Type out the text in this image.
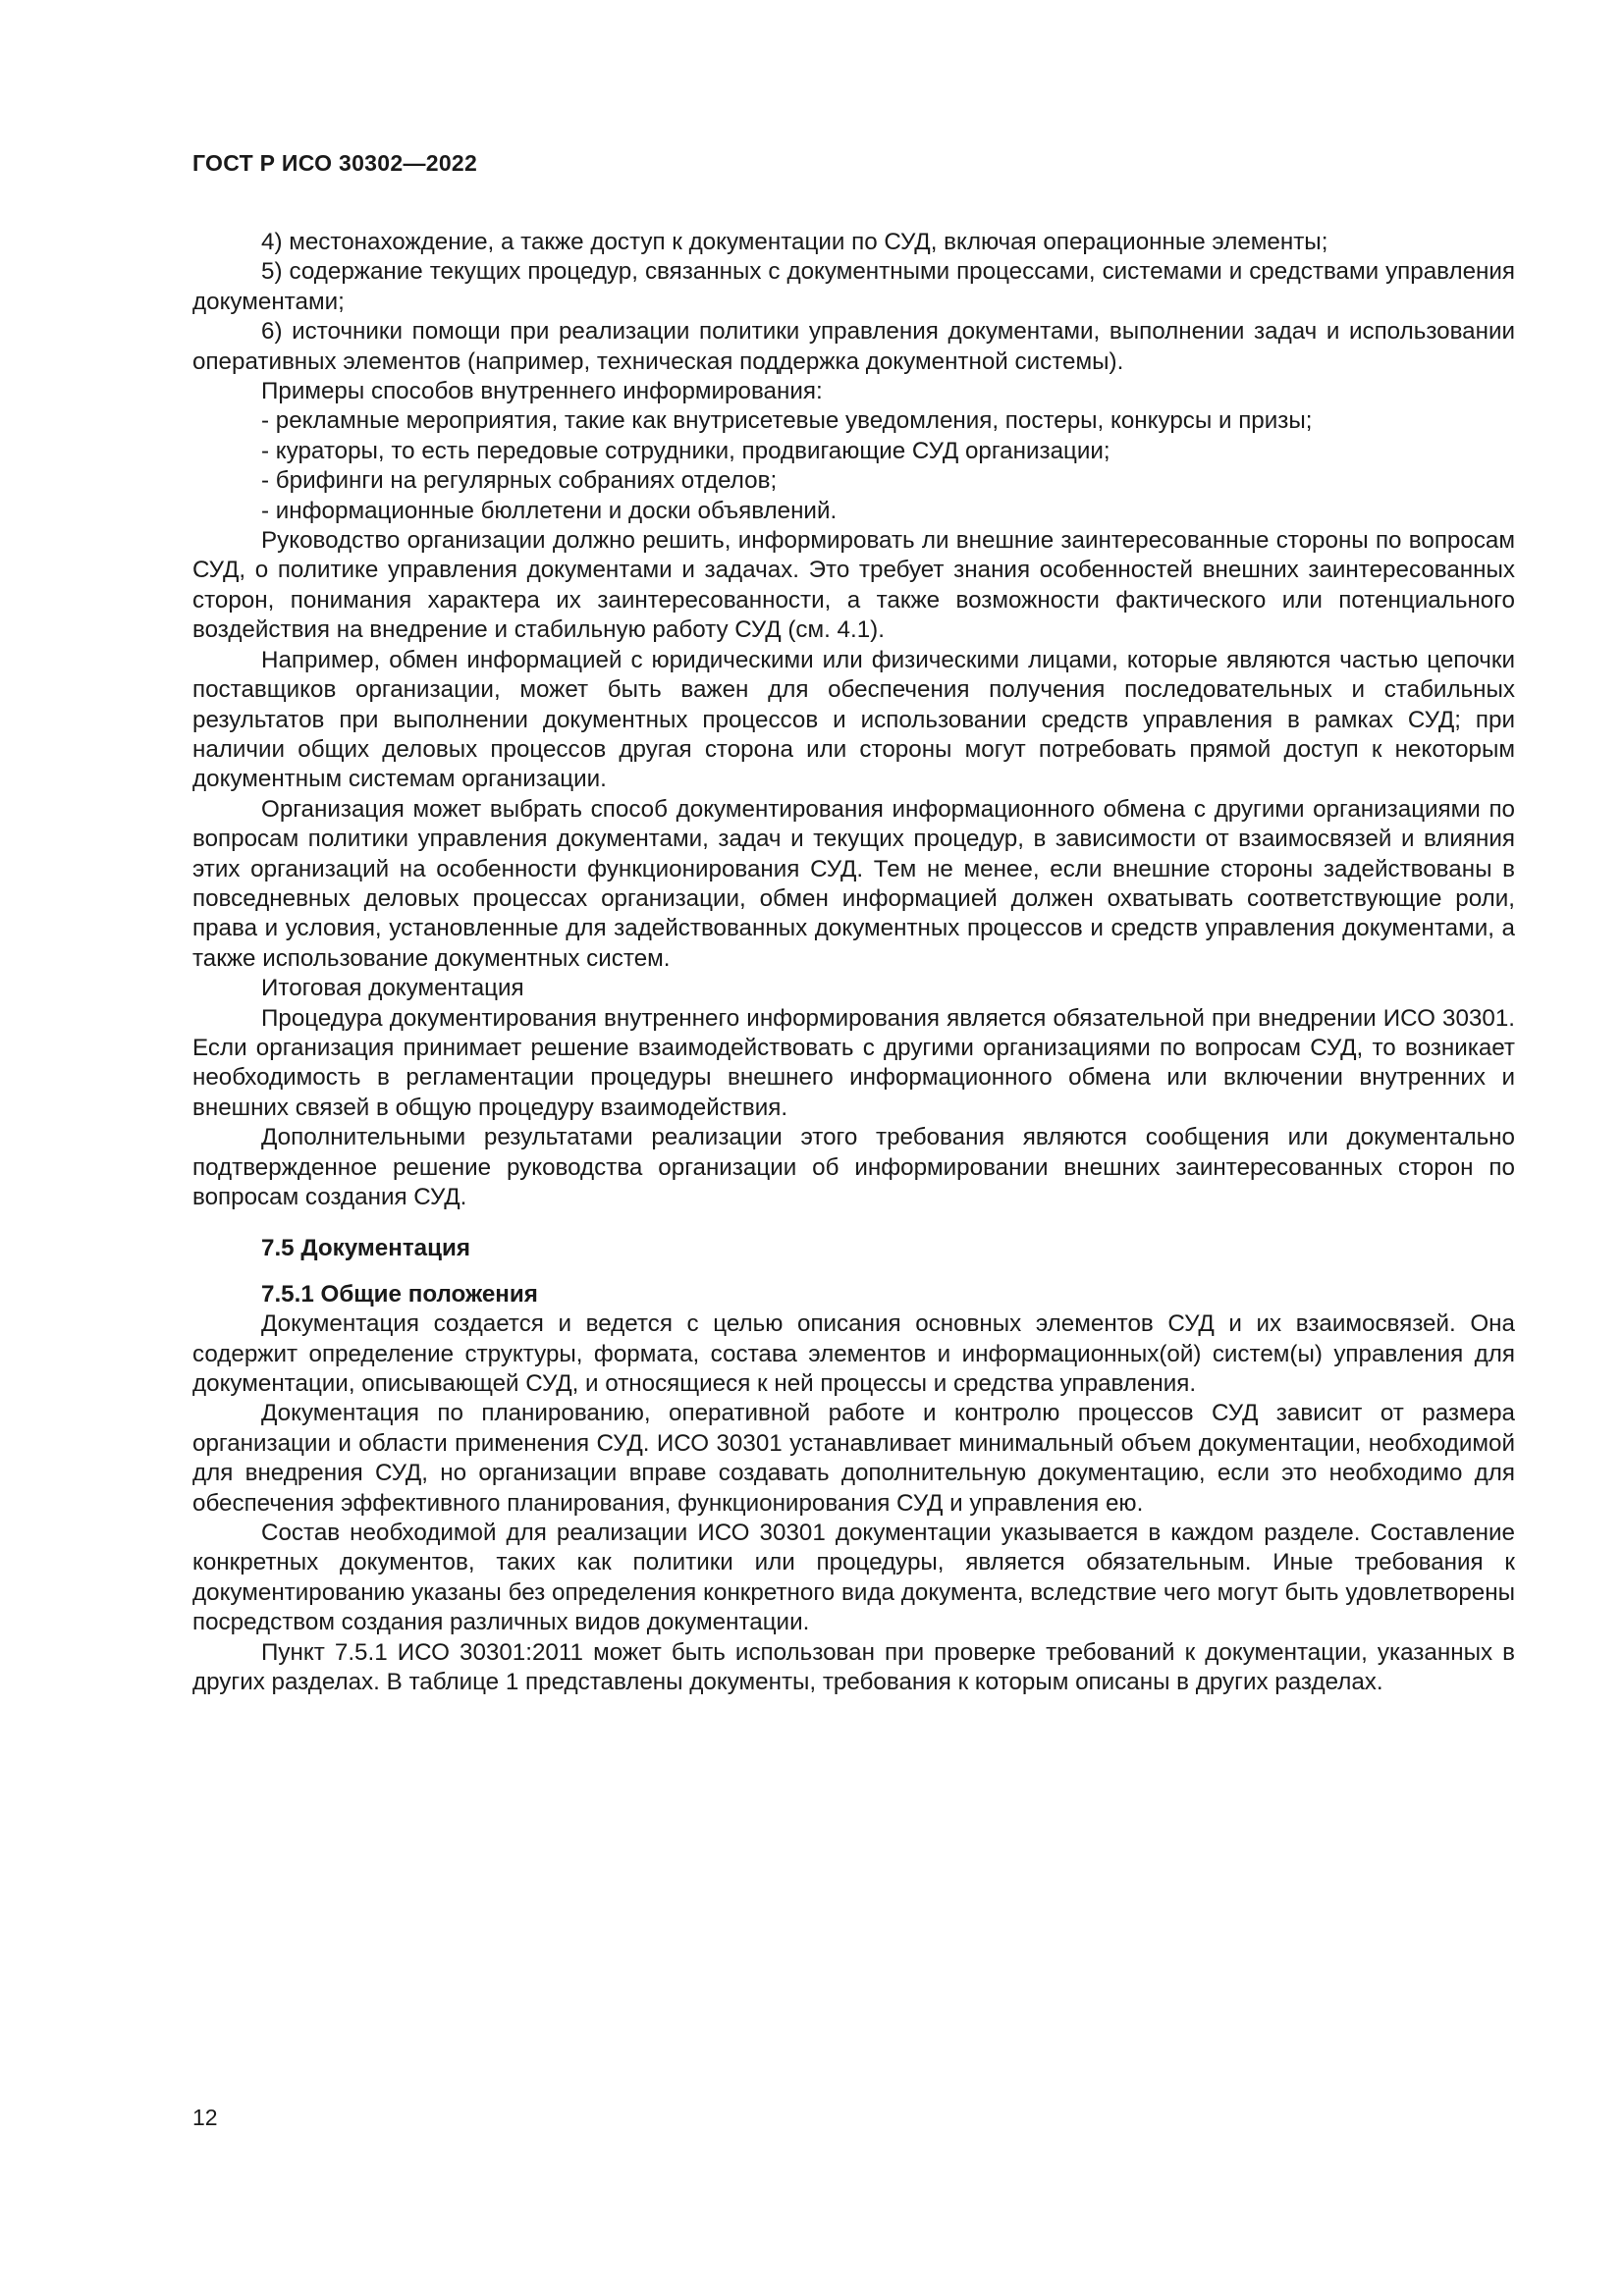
ГОСТ Р ИСО 30302—2022

4) местонахождение, а также доступ к документации по СУД, включая операционные элементы;

5) содержание текущих процедур, связанных с документными процессами, системами и средствами управления документами;

6) источники помощи при реализации политики управления документами, выполнении задач и использовании оперативных элементов (например, техническая поддержка документной системы).

Примеры способов внутреннего информирования:

- рекламные мероприятия, такие как внутрисетевые уведомления, постеры, конкурсы и призы;

- кураторы, то есть передовые сотрудники, продвигающие СУД организации;

- брифинги на регулярных собраниях отделов;

- информационные бюллетени и доски объявлений.

Руководство организации должно решить, информировать ли внешние заинтересованные стороны по вопросам СУД, о политике управления документами и задачах. Это требует знания особенностей внешних заинтересованных сторон, понимания характера их заинтересованности, а также возможности фактического или потенциального воздействия на внедрение и стабильную работу СУД (см. 4.1).

Например, обмен информацией с юридическими или физическими лицами, которые являются частью цепочки поставщиков организации, может быть важен для обеспечения получения последовательных и стабильных результатов при выполнении документных процессов и использовании средств управления в рамках СУД; при наличии общих деловых процессов другая сторона или стороны могут потребовать прямой доступ к некоторым документным системам организации.

Организация может выбрать способ документирования информационного обмена с другими организациями по вопросам политики управления документами, задач и текущих процедур, в зависимости от взаимосвязей и влияния этих организаций на особенности функционирования СУД. Тем не менее, если внешние стороны задействованы в повседневных деловых процессах организации, обмен информацией должен охватывать соответствующие роли, права и условия, установленные для задействованных документных процессов и средств управления документами, а также использование документных систем.

Итоговая документация

Процедура документирования внутреннего информирования является обязательной при внедрении ИСО 30301. Если организация принимает решение взаимодействовать с другими организациями по вопросам СУД, то возникает необходимость в регламентации процедуры внешнего информационного обмена или включении внутренних и внешних связей в общую процедуру взаимодействия.

Дополнительными результатами реализации этого требования являются сообщения или документально подтвержденное решение руководства организации об информировании внешних заинтересованных сторон по вопросам создания СУД.

7.5 Документация

7.5.1 Общие положения

Документация создается и ведется с целью описания основных элементов СУД и их взаимосвязей. Она содержит определение структуры, формата, состава элементов и информационных(ой) систем(ы) управления для документации, описывающей СУД, и относящиеся к ней процессы и средства управления.

Документация по планированию, оперативной работе и контролю процессов СУД зависит от размера организации и области применения СУД. ИСО 30301 устанавливает минимальный объем документации, необходимой для внедрения СУД, но организации вправе создавать дополнительную документацию, если это необходимо для обеспечения эффективного планирования, функционирования СУД и управления ею.

Состав необходимой для реализации ИСО 30301 документации указывается в каждом разделе. Составление конкретных документов, таких как политики или процедуры, является обязательным. Иные требования к документированию указаны без определения конкретного вида документа, вследствие чего могут быть удовлетворены посредством создания различных видов документации.

Пункт 7.5.1 ИСО 30301:2011 может быть использован при проверке требований к документации, указанных в других разделах. В таблице 1 представлены документы, требования к которым описаны в других разделах.

12
